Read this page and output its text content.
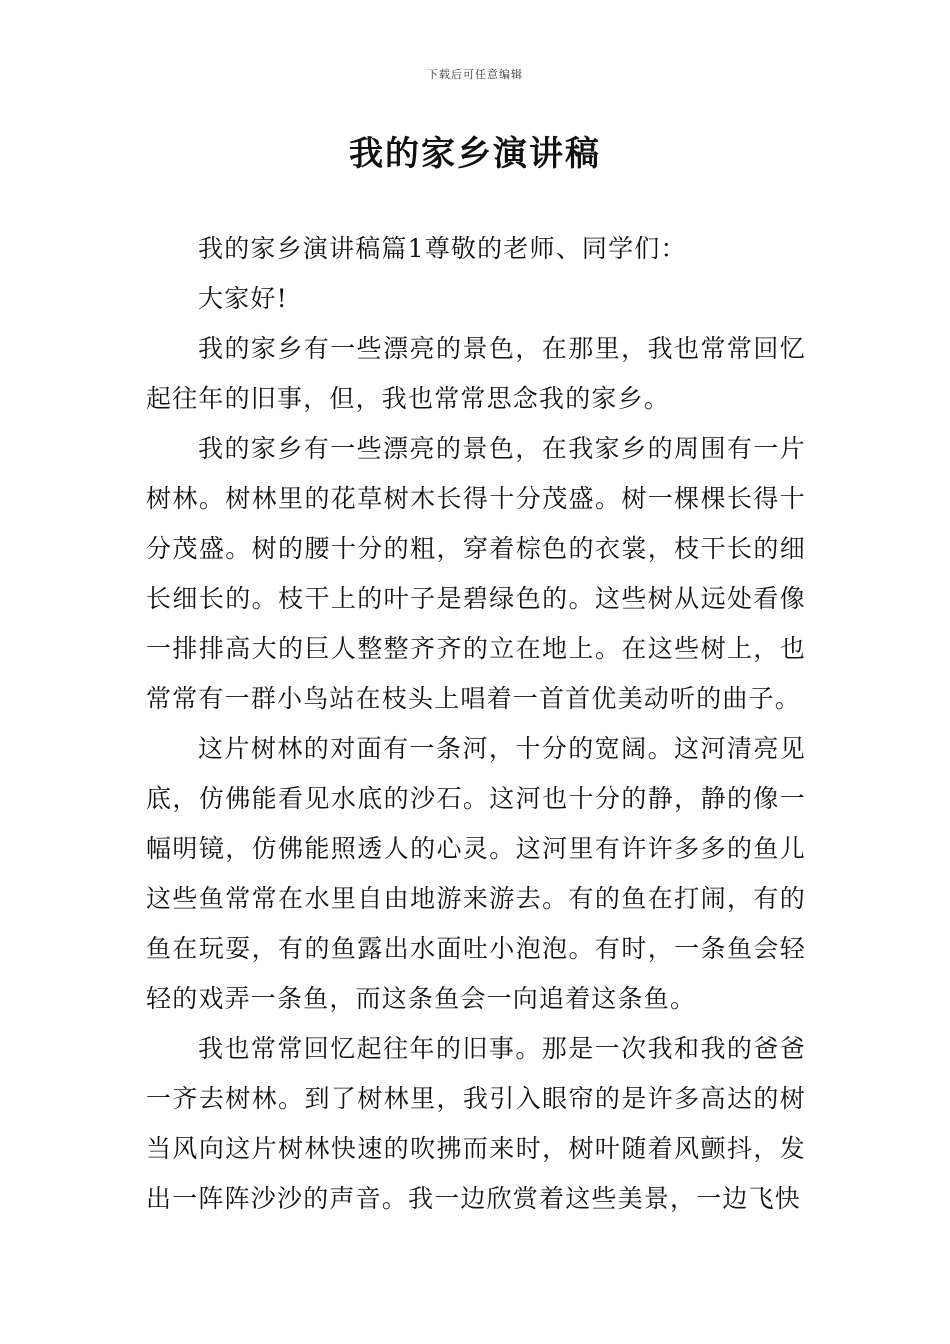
下载后可任意编辑
我的家乡演讲稿

我的家乡演讲稿篇1尊敬的老师、同学们：

大家好!

我的家乡有一些漂亮的景色，在那里，我也常常回忆起往年的旧事，但，我也常常思念我的家乡。

我的家乡有一些漂亮的景色，在我家乡的周围有一片树林。树林里的花草树木长得十分茂盛。树一棵棵长得十分茂盛。树的腰十分的粗，穿着棕色的衣裳，枝干长的细长细长的。枝干上的叶子是碧绿色的。这些树从远处看像一排排高大的巨人整整齐齐的立在地上。在这些树上，也常常有一群小鸟站在枝头上唱着一首首优美动听的曲子。

这片树林的对面有一条河，十分的宽阔。这河清亮见底，仿佛能看见水底的沙石。这河也十分的静，静的像一幅明镜，仿佛能照透人的心灵。这河里有许许多多的鱼儿这些鱼常常在水里自由地游来游去。有的鱼在打闹，有的鱼在玩耍，有的鱼露出水面吐小泡泡。有时，一条鱼会轻轻的戏弄一条鱼，而这条鱼会一向追着这条鱼。

我也常常回忆起往年的旧事。那是一次我和我的爸爸一齐去树林。到了树林里，我引入眼帘的是许多高达的树当风向这片树林快速的吹拂而来时，树叶随着风颤抖，发出一阵阵沙沙的声音。我一边欣赏着这些美景，一边飞快
